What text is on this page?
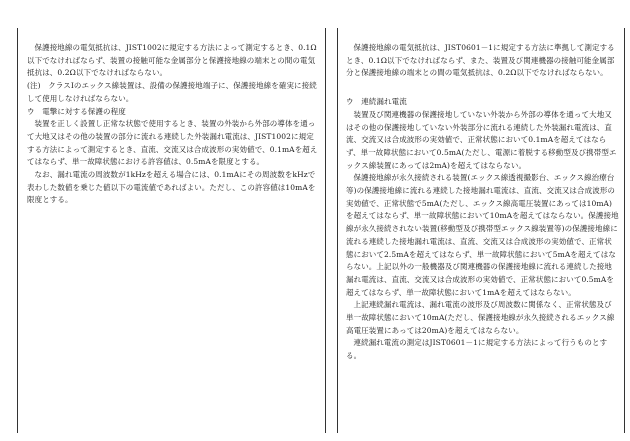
保護接地線の電気抵抗は、JIST1002に規定する方法によって測定するとき、0.1Ω以下でなければならず、装置の接触可能な金属部分と保護接地線の端末との間の電気抵抗は、0.2Ω以下でなければならない。

(注)　クラスⅠのエックス線装置は、設備の保護接地端子に、保護接地線を確実に接続して使用しなければならない。

ウ　電撃に対する保護の程度

装置を正しく設置し正常な状態で使用するとき、装置の外装から外部の導体を通って大地又はその他の装置の部分に流れる連続した外装漏れ電流は、JIST1002に規定する方法によって測定するとき、直流、交流又は合成波形の実効値で、0.1mAを超えてはならず、単一故障状態における許容値は、0.5mAを限度とする。

なお、漏れ電流の周波数が1kHzを超える場合には、0.1mAにその周波数をkHzで表わした数値を乗じた値以下の電流値であればよい。ただし、この許容値は10mAを限度とする。

保護接地線の電気抵抗は、JIST0601－1に規定する方法に準拠して測定するとき、0.1Ω以下でなければならず、また、装置及び関連機器の接触可能金属部分と保護接地線の端末との間の電気抵抗は、0.2Ω以下でなければならない。

ウ　連続漏れ電流

装置及び関連機器の保護接地していない外装から外部の導体を通って大地又はその他の保護接地していない外装部分に流れる連続した外装漏れ電流は、直流、交流又は合成波形の実効値で、正常状態において0.1mAを超えてはならず、単一故障状態において0.5mA(ただし、電源に着脱する移動型及び携帯型エックス線装置にあっては2mA)を超えてはならない。

保護接地線が永久接続される装置(エックス線透視撮影台、エックス線治療台等)の保護接地線に流れる連続した接地漏れ電流は、直流、交流又は合成波形の実効値で、正常状態で5mA(ただし、エックス線高電圧装置にあっては10mA)を超えてはならず、単一故障状態において10mAを超えてはならない。保護接地線が永久接続されない装置(移動型及び携帯型エックス線装置等)の保護接地線に流れる連続した接地漏れ電流は、直流、交流又は合成波形の実効値で、正常状態において2.5mAを超えてはならず、単一故障状態において5mAを超えてはならない。上記以外の一般機器及び関連機器の保護接地線に流れる連続した接地漏れ電流は、直流、交流又は合成波形の実効値で、正常状態において0.5mAを超えてはならず、単一故障状態において1mAを超えてはならない。

上記連続漏れ電流は、漏れ電流の波形及び周波数に関係なく、正常状態及び単一故障状態において10mA(ただし、保護接地線が永久接続されるエックス線高電圧装置にあっては20mA)を超えてはならない。

連続漏れ電流の測定はJIST0601－1に規定する方法によって行うものとする。
